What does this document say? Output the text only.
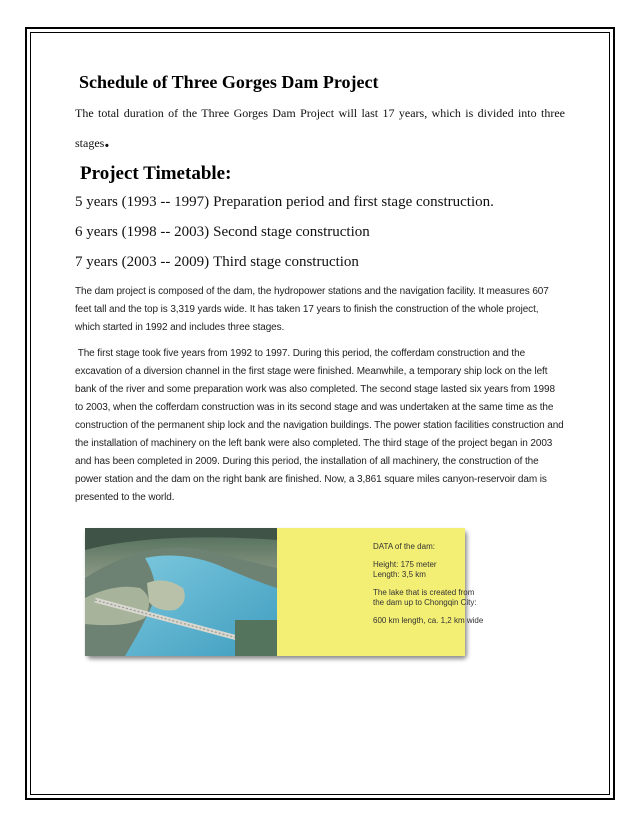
Schedule of Three Gorges Dam Project

The total duration of the Three Gorges Dam Project will last 17 years, which is divided into three stages.

Project Timetable:
5 years (1993 -- 1997) Preparation period and first stage construction.
6 years (1998 -- 2003) Second stage construction
7 years (2003 -- 2009) Third stage construction

The dam project is composed of the dam, the hydropower stations and the navigation facility. It measures 607 feet tall and the top is 3,319 yards wide. It has taken 17 years to finish the construction of the whole project, which started in 1992 and includes three stages.

The first stage took five years from 1992 to 1997. During this period, the cofferdam construction and the excavation of a diversion channel in the first stage were finished. Meanwhile, a temporary ship lock on the left bank of the river and some preparation work was also completed. The second stage lasted six years from 1998 to 2003, when the cofferdam construction was in its second stage and was undertaken at the same time as the construction of the permanent ship lock and the navigation buildings. The power station facilities construction and the installation of machinery on the left bank were also completed. The third stage of the project began in 2003 and has been completed in 2009. During this period, the installation of all machinery, the construction of the power station and the dam on the right bank are finished. Now, a 3,861 square miles canyon-reservoir dam is presented to the world.

DATA of the dam:
Height: 175 meter
Length: 3,5 km
The lake that is created from
the dam up to Chongqin City:
600 km length, ca. 1,2 km wide
